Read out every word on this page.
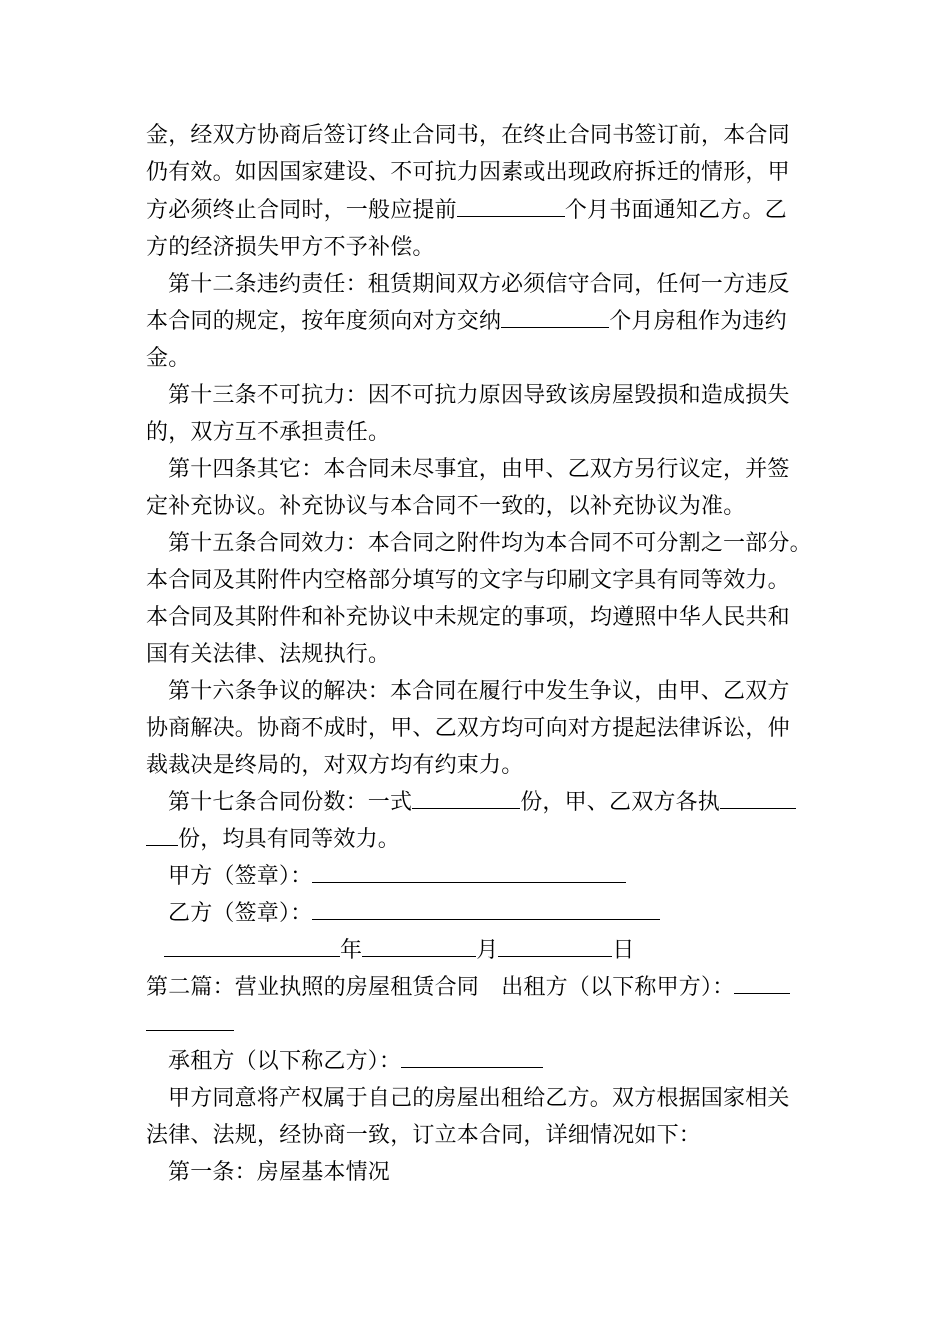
金，经双方协商后签订终止合同书，在终止合同书签订前，本合同
仍有效。如因国家建设、不可抗力因素或出现政府拆迁的情形，甲
方必须终止合同时，一般应提前	个月书面通知乙方。乙
方的经济损失甲方不予补偿。
第十二条违约责任：租赁期间双方必须信守合同，任何一方违反
本合同的规定，按年度须向对方交纳	个月房租作为违约
金。
第十三条不可抗力：因不可抗力原因导致该房屋毁损和造成损失
的，双方互不承担责任。
第十四条其它：本合同未尽事宜，由甲、乙双方另行议定，并签
定补充协议。补充协议与本合同不一致的，以补充协议为准。
第十五条合同效力：本合同之附件均为本合同不可分割之一部分。
本合同及其附件内空格部分填写的文字与印刷文字具有同等效力。
本合同及其附件和补充协议中未规定的事项，均遵照中华人民共和
国有关法律、法规执行。
第十六条争议的解决：本合同在履行中发生争议，由甲、乙双方
协商解决。协商不成时，甲、乙双方均可向对方提起法律诉讼，仲
裁裁决是终局的，对双方均有约束力。
第十七条合同份数：一式	份，甲、乙双方各执
份，均具有同等效力。
甲方（签章）：
乙方（签章）：
年	月	日
第二篇：营业执照的房屋租赁合同　出租方（以下称甲方）：
承租方（以下称乙方）：
甲方同意将产权属于自己的房屋出租给乙方。双方根据国家相关
法律、法规，经协商一致，订立本合同，详细情况如下：
第一条：房屋基本情况
